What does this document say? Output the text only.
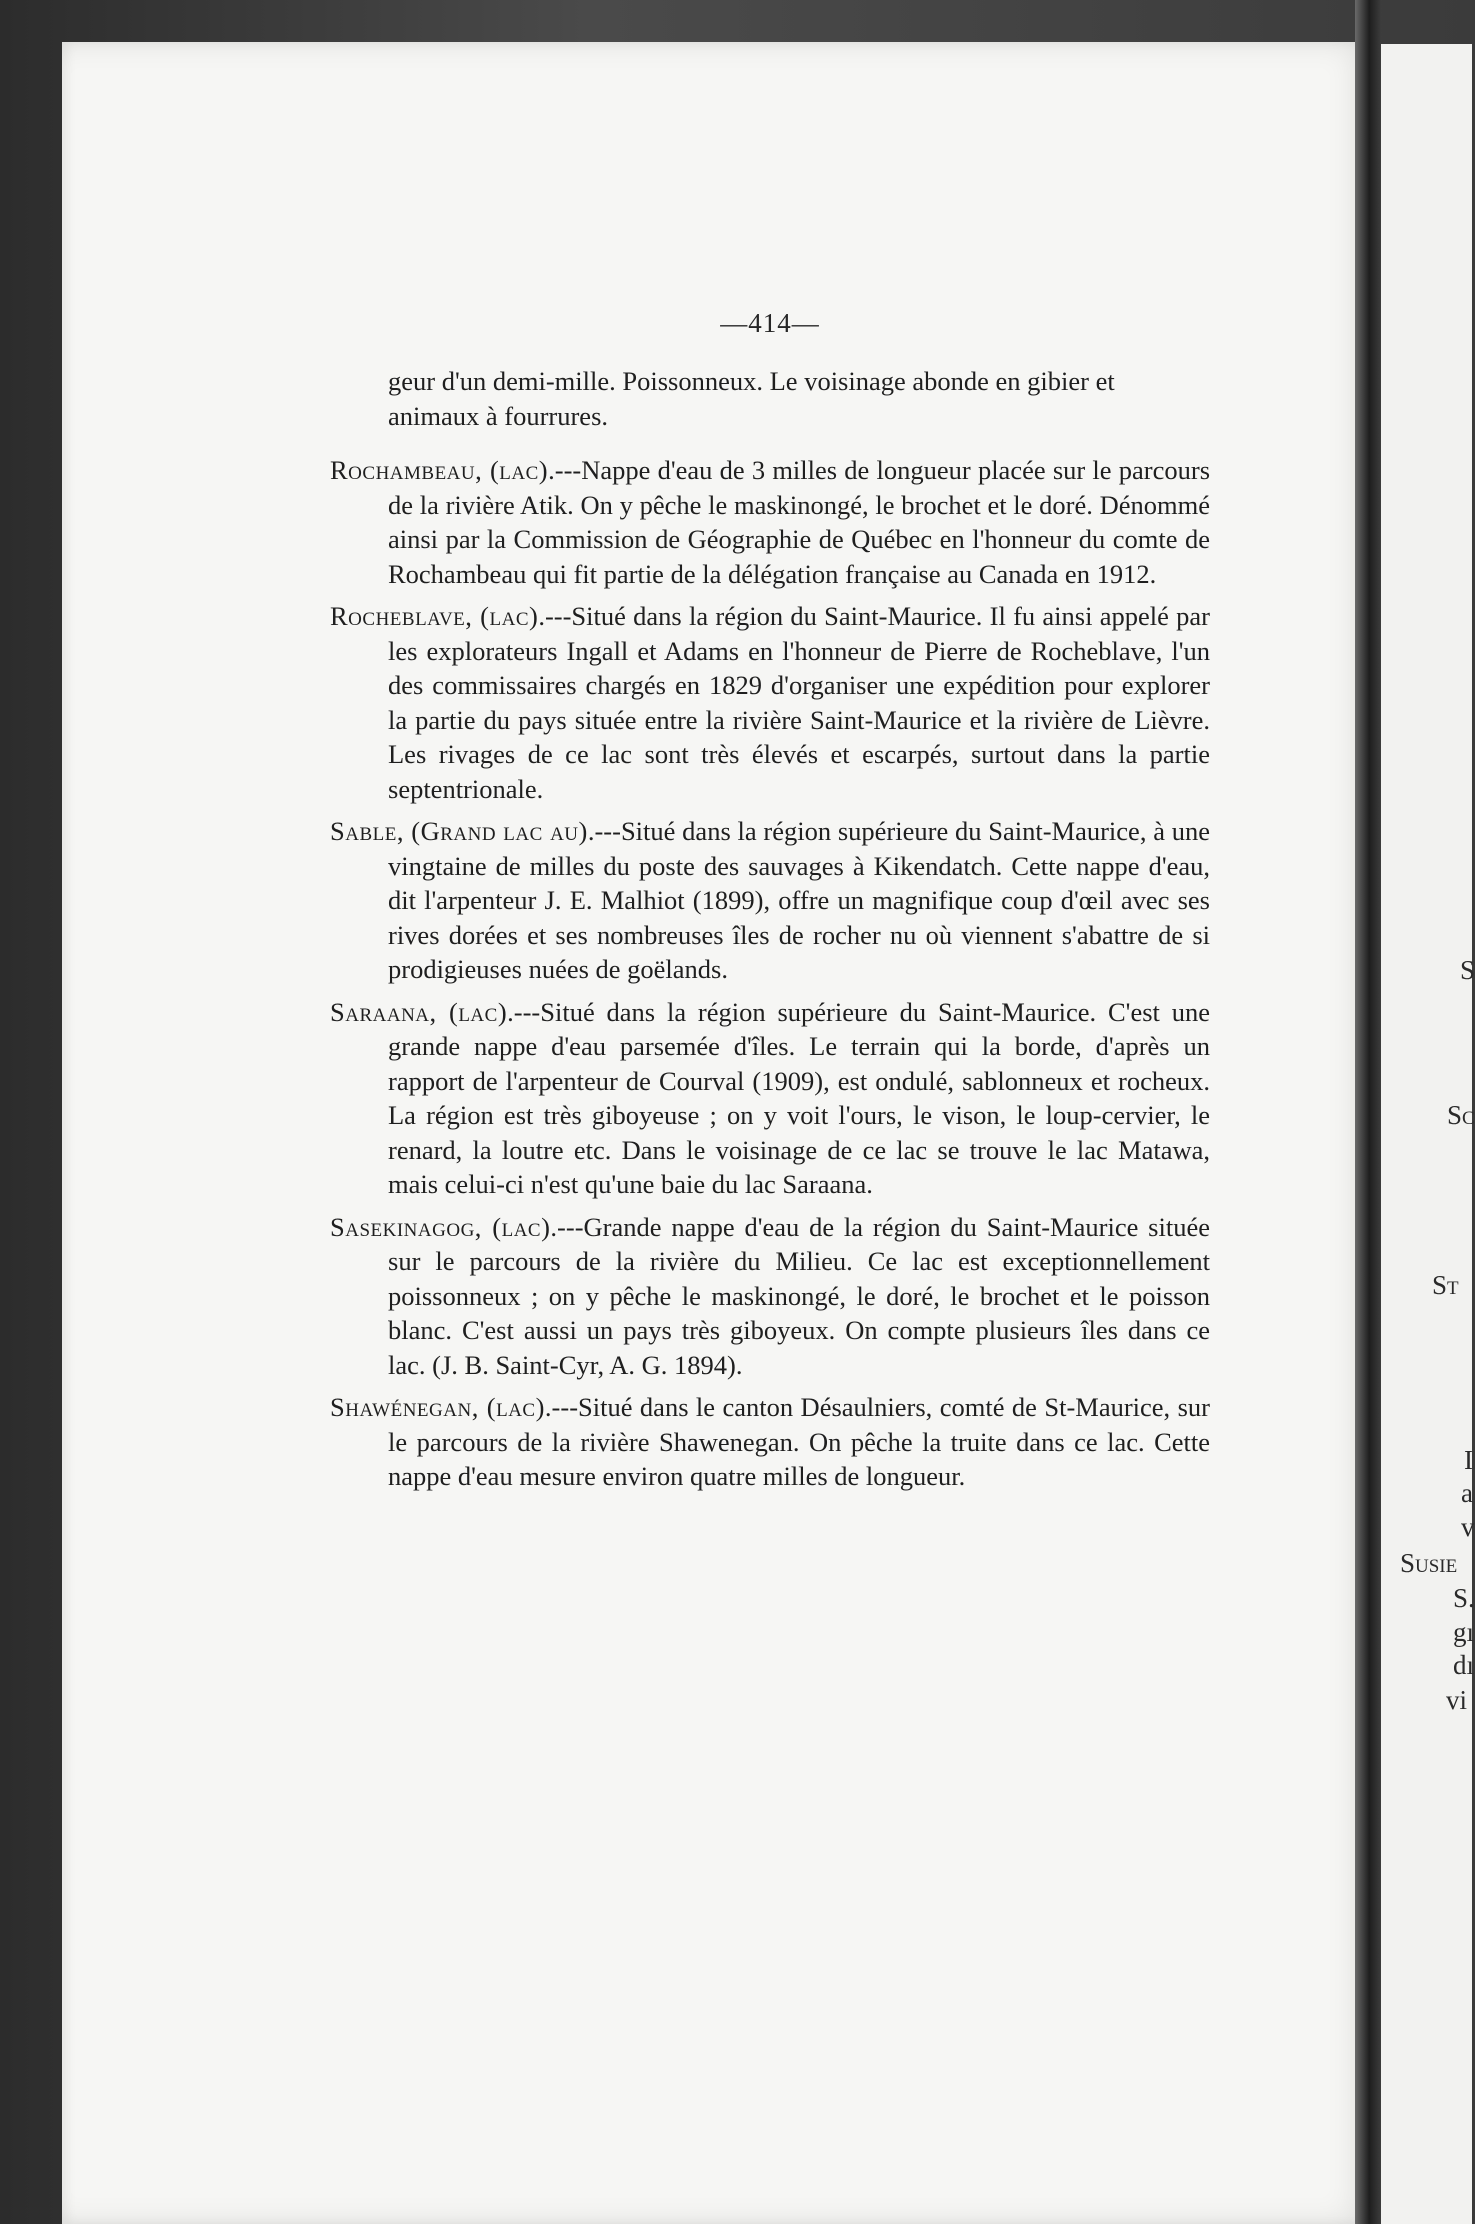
—414—

geur d'un demi-mille. Poissonneux. Le voisinage abonde en gibier et animaux à fourrures.

Rochambeau, (lac).---Nappe d'eau de 3 milles de longueur placée sur le parcours de la rivière Atik. On y pêche le maskinongé, le brochet et le doré. Dénommé ainsi par la Commission de Géographie de Québec en l'honneur du comte de Rochambeau qui fit partie de la délégation française au Canada en 1912.

Rocheblave, (lac).---Situé dans la région du Saint-Maurice. Il fu ainsi appelé par les explorateurs Ingall et Adams en l'honneur de Pierre de Rocheblave, l'un des commissaires chargés en 1829 d'organiser une expédition pour explorer la partie du pays située entre la rivière Saint-Maurice et la rivière de Lièvre. Les rivages de ce lac sont très élevés et escarpés, surtout dans la partie septentrionale.

Sable, (Grand lac au).---Situé dans la région supérieure du Saint-Maurice, à une vingtaine de milles du poste des sauvages à Kikendatch. Cette nappe d'eau, dit l'arpenteur J. E. Malhiot (1899), offre un magnifique coup d'œil avec ses rives dorées et ses nombreuses îles de rocher nu où viennent s'abattre de si prodigieuses nuées de goëlands.

Saraana, (lac).---Situé dans la région supérieure du Saint-Maurice. C'est une grande nappe d'eau parsemée d'îles. Le terrain qui la borde, d'après un rapport de l'arpenteur de Courval (1909), est ondulé, sablonneux et rocheux. La région est très giboyeuse ; on y voit l'ours, le vison, le loup-cervier, le renard, la loutre etc. Dans le voisinage de ce lac se trouve le lac Matawa, mais celui-ci n'est qu'une baie du lac Saraana.

Sasekinagog, (lac).---Grande nappe d'eau de la région du Saint-Maurice située sur le parcours de la rivière du Milieu. Ce lac est exceptionnellement poissonneux ; on y pêche le maskinongé, le doré, le brochet et le poisson blanc. C'est aussi un pays très giboyeux. On compte plusieurs îles dans ce lac. (J. B. Saint-Cyr, A. G. 1894).

Shawénegan, (lac).---Situé dans le canton Désaulniers, comté de St-Maurice, sur le parcours de la rivière Shawenegan. On pêche la truite dans ce lac. Cette nappe d'eau mesure environ quatre milles de longueur.

S
Sc
St
I
a
v
Susie
S.
gı
dı
vi
